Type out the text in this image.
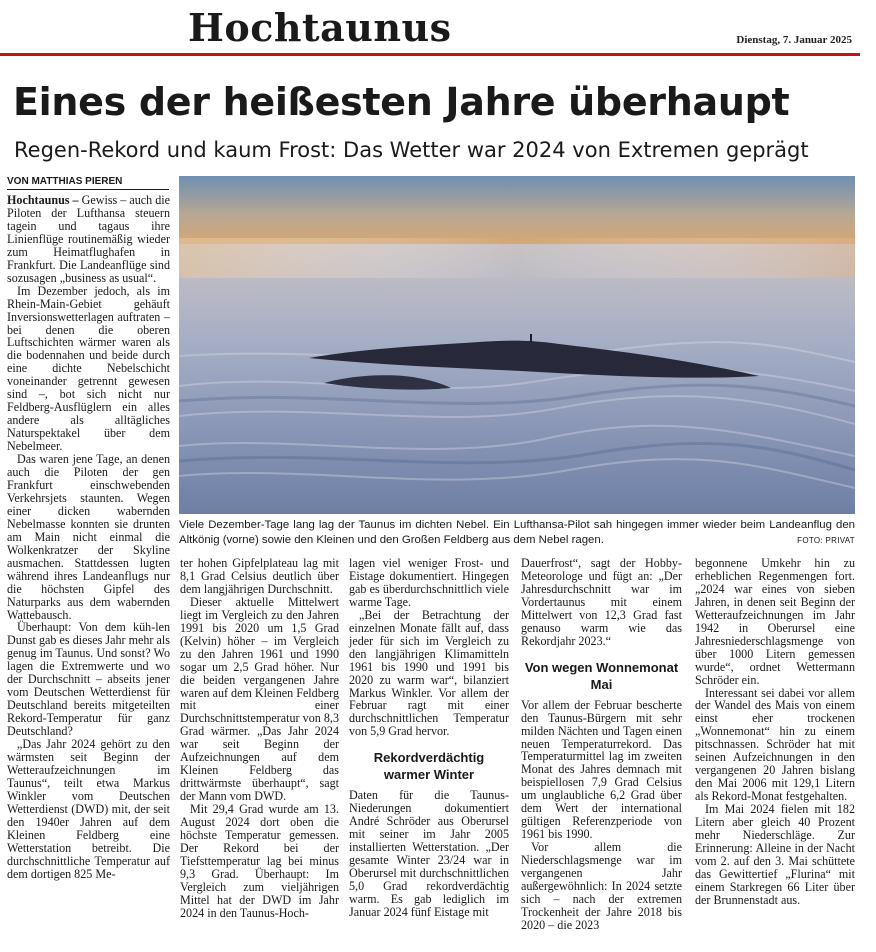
Hochtaunus	Dienstag, 7. Januar 2025
Eines der heißesten Jahre überhaupt
Regen-Rekord und kaum Frost: Das Wetter war 2024 von Extremen geprägt
VON MATTHIAS PIEREN

Hochtaunus – Gewiss – auch die Piloten der Lufthansa steuern tagein und tagaus ihre Linienflüge routinemäßig wieder zum Heimatflughafen in Frankfurt. Die Landeanflüge sind sozusagen „business as usual“.

Im Dezember jedoch, als im Rhein-Main-Gebiet gehäuft Inversionswetterlagen auftraten – bei denen die oberen Luftschichten wärmer waren als die bodennahen und beide durch eine dichte Nebelschicht voneinander getrennt gewesen sind –, bot sich nicht nur Feldberg-Ausflüglern ein alles andere als alltägliches Naturspektakel über dem Nebelmeer.

Das waren jene Tage, an denen auch die Piloten der gen Frankfurt einschwebenden Verkehrsjets staunten. Wegen einer dicken wabernden Nebelmasse konnten sie drunten am Main nicht einmal die Wolkenkratzer der Skyline ausmachen. Stattdessen lugten während ihres Landeanflugs nur die höchsten Gipfel des Naturparks aus dem wabernden Wattebausch.

Überhaupt: Von dem küh-len Dunst gab es dieses Jahr mehr als genug im Taunus. Und sonst? Wo lagen die Extremwerte und wo der Durchschnitt – abseits jener vom Deutschen Wetterdienst für Deutschland bereits mitgeteilten Rekord-Temperatur für ganz Deutschland?

„Das Jahr 2024 gehört zu den wärmsten seit Beginn der Wetteraufzeichnungen im Taunus“, teilt etwa Markus Winkler vom Deutschen Wetterdienst (DWD) mit, der seit den 1940er Jahren auf dem Kleinen Feldberg eine Wetterstation betreibt. Die durchschnittliche Temperatur auf dem dortigen 825 Me-

Viele Dezember-Tage lang lag der Taunus im dichten Nebel. Ein Lufthansa-Pilot sah hingegen immer wieder beim Landeanflug den Altkönig (vorne) sowie den Kleinen und den Großen Feldberg aus dem Nebel ragen.	FOTO: PRIVAT

ter hohen Gipfelplateau lag mit 8,1 Grad Celsius deutlich über dem langjährigen Durchschnitt.

Dieser aktuelle Mittelwert liegt im Vergleich zu den Jahren 1991 bis 2020 um 1,5 Grad (Kelvin) höher – im Vergleich zu den Jahren 1961 und 1990 sogar um 2,5 Grad höher. Nur die beiden vergangenen Jahre waren auf dem Kleinen Feldberg mit einer Durchschnittstemperatur von 8,3 Grad wärmer. „Das Jahr 2024 war seit Beginn der Aufzeichnungen auf dem Kleinen Feldberg das drittwärmste überhaupt“, sagt der Mann vom DWD.

Mit 29,4 Grad wurde am 13. August 2024 dort oben die höchste Temperatur gemessen. Der Rekord bei der Tiefsttemperatur lag bei minus 9,3 Grad. Überhaupt: Im Vergleich zum vieljährigen Mittel hat der DWD im Jahr 2024 in den Taunus-Hoch-

lagen viel weniger Frost- und Eistage dokumentiert. Hingegen gab es überdurchschnittlich viele warme Tage.

„Bei der Betrachtung der einzelnen Monate fällt auf, dass jeder für sich im Vergleich zu den langjährigen Klimamitteln 1961 bis 1990 und 1991 bis 2020 zu warm war“, bilanziert Markus Winkler. Vor allem der Februar ragt mit einer durchschnittlichen Temperatur von 5,9 Grad hervor.

Rekordverdächtig warmer Winter

Daten für die Taunus-Niederungen dokumentiert André Schröder aus Oberursel mit seiner im Jahr 2005 installierten Wetterstation. „Der gesamte Winter 23/24 war in Oberursel mit durchschnittlichen 5,0 Grad rekordverdächtig warm. Es gab lediglich im Januar 2024 fünf Eistage mit

Dauerfrost“, sagt der Hobby-Meteorologe und fügt an: „Der Jahresdurchschnitt war im Vordertaunus mit einem Mittelwert von 12,3 Grad fast genauso warm wie das Rekordjahr 2023.“

Von wegen Wonnemonat Mai

Vor allem der Februar bescherte den Taunus-Bürgern mit sehr milden Nächten und Tagen einen neuen Temperaturrekord. Das Temperaturmittel lag im zweiten Monat des Jahres demnach mit beispiellosen 7,9 Grad Celsius um unglaubliche 6,2 Grad über dem Wert der international gültigen Referenzperiode von 1961 bis 1990.

Vor allem die Niederschlagsmenge war im vergangenen Jahr außergewöhnlich: In 2024 setzte sich – nach der extremen Trockenheit der Jahre 2018 bis 2020 – die 2023

begonnene Umkehr hin zu erheblichen Regenmengen fort. „2024 war eines von sieben Jahren, in denen seit Beginn der Wetteraufzeichnungen im Jahr 1942 in Oberursel eine Jahresniederschlagsmenge von über 1000 Litern gemessen wurde“, ordnet Wettermann Schröder ein.

Interessant sei dabei vor allem der Wandel des Mais von einem einst eher trockenen „Wonnemonat“ hin zu einem pitschnassen. Schröder hat mit seinen Aufzeichnungen in den vergangenen 20 Jahren bislang den Mai 2006 mit 129,1 Litern als Rekord-Monat festgehalten.

Im Mai 2024 fielen mit 182 Litern aber gleich 40 Prozent mehr Niederschläge. Zur Erinnerung: Alleine in der Nacht vom 2. auf den 3. Mai schüttete das Gewittertief „Flurina“ mit einem Starkregen 66 Liter über der Brunnenstadt aus.
